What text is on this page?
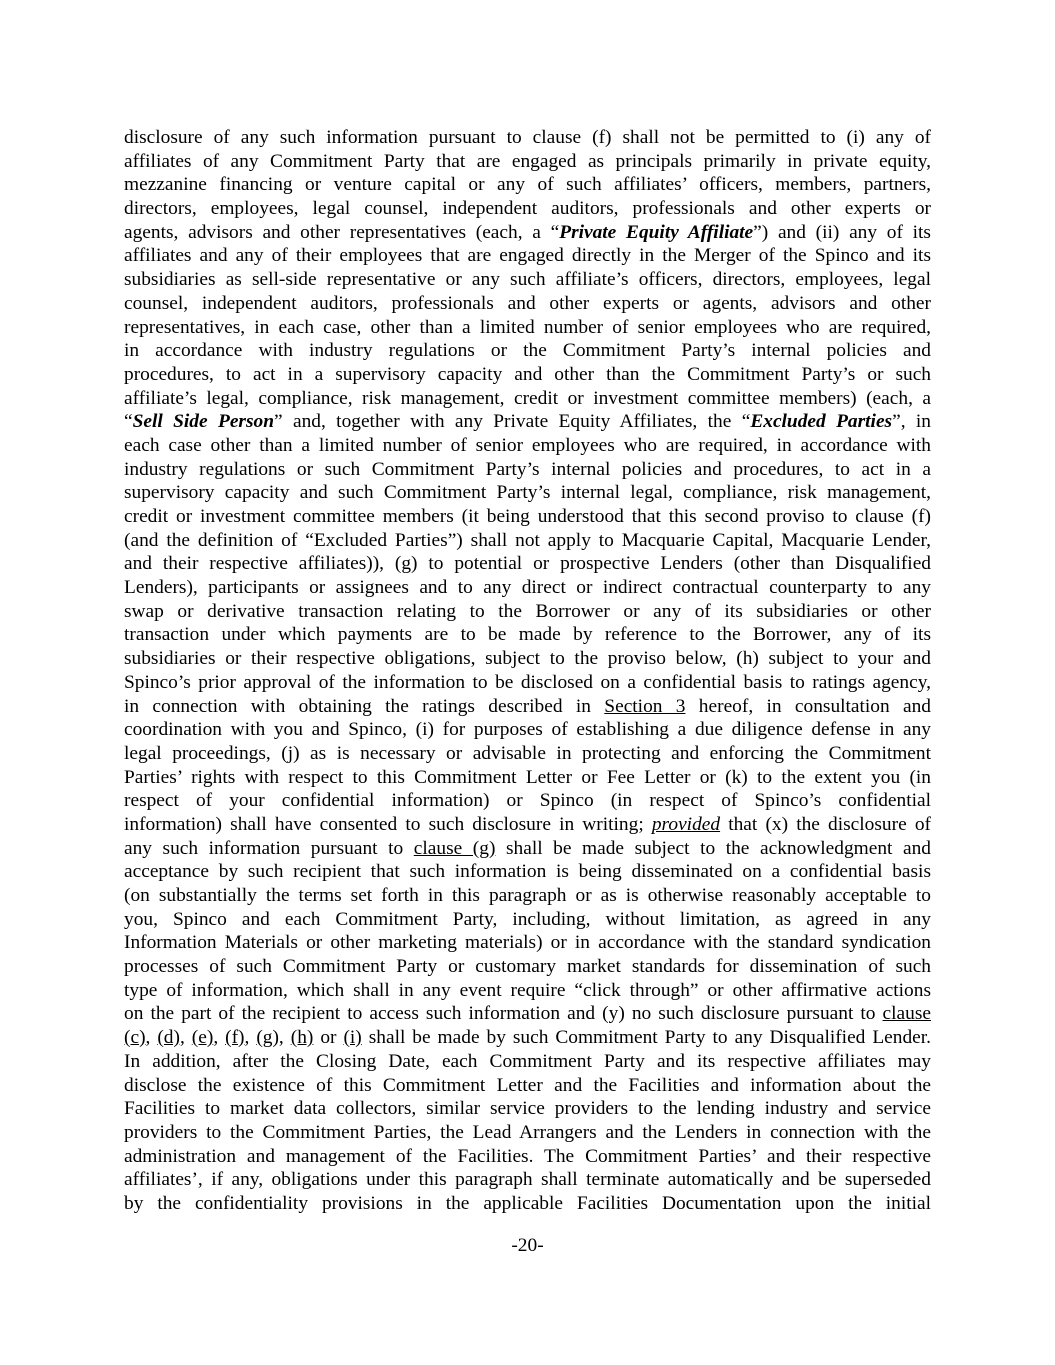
disclosure of any such information pursuant to clause (f) shall not be permitted to (i) any of
affiliates of any Commitment Party that are engaged as principals primarily in private equity,
mezzanine financing or venture capital or any of such affiliates’ officers, members, partners,
directors, employees, legal counsel, independent auditors, professionals and other experts or
agents, advisors and other representatives (each, a “Private Equity Affiliate”) and (ii) any of its
affiliates and any of their employees that are engaged directly in the Merger of the Spinco and its
subsidiaries as sell-side representative or any such affiliate’s officers, directors, employees, legal
counsel, independent auditors, professionals and other experts or agents, advisors and other
representatives, in each case, other than a limited number of senior employees who are required,
in accordance with industry regulations or the Commitment Party’s internal policies and
procedures, to act in a supervisory capacity and other than the Commitment Party’s or such
affiliate’s legal, compliance, risk management, credit or investment committee members) (each, a
“Sell Side Person” and, together with any Private Equity Affiliates, the “Excluded Parties”, in
each case other than a limited number of senior employees who are required, in accordance with
industry regulations or such Commitment Party’s internal policies and procedures, to act in a
supervisory capacity and such Commitment Party’s internal legal, compliance, risk management,
credit or investment committee members (it being understood that this second proviso to clause (f)
(and the definition of “Excluded Parties”) shall not apply to Macquarie Capital, Macquarie Lender,
and their respective affiliates)), (g) to potential or prospective Lenders (other than Disqualified
Lenders), participants or assignees and to any direct or indirect contractual counterparty to any
swap or derivative transaction relating to the Borrower or any of its subsidiaries or other
transaction under which payments are to be made by reference to the Borrower, any of its
subsidiaries or their respective obligations, subject to the proviso below, (h) subject to your and
Spinco’s prior approval of the information to be disclosed on a confidential basis to ratings agency,
in connection with obtaining the ratings described in Section 3 hereof, in consultation and
coordination with you and Spinco, (i) for purposes of establishing a due diligence defense in any
legal proceedings, (j) as is necessary or advisable in protecting and enforcing the Commitment
Parties’ rights with respect to this Commitment Letter or Fee Letter or (k) to the extent you (in
respect of your confidential information) or Spinco (in respect of Spinco’s confidential
information) shall have consented to such disclosure in writing; provided that (x) the disclosure of
any such information pursuant to clause (g) shall be made subject to the acknowledgment and
acceptance by such recipient that such information is being disseminated on a confidential basis
(on substantially the terms set forth in this paragraph or as is otherwise reasonably acceptable to
you, Spinco and each Commitment Party, including, without limitation, as agreed in any
Information Materials or other marketing materials) or in accordance with the standard syndication
processes of such Commitment Party or customary market standards for dissemination of such
type of information, which shall in any event require “click through” or other affirmative actions
on the part of the recipient to access such information and (y) no such disclosure pursuant to clause
(c), (d), (e), (f), (g), (h) or (i) shall be made by such Commitment Party to any Disqualified Lender.
In addition, after the Closing Date, each Commitment Party and its respective affiliates may
disclose the existence of this Commitment Letter and the Facilities and information about the
Facilities to market data collectors, similar service providers to the lending industry and service
providers to the Commitment Parties, the Lead Arrangers and the Lenders in connection with the
administration and management of the Facilities. The Commitment Parties’ and their respective
affiliates’, if any, obligations under this paragraph shall terminate automatically and be superseded
by the confidentiality provisions in the applicable Facilities Documentation upon the initial
-20-
